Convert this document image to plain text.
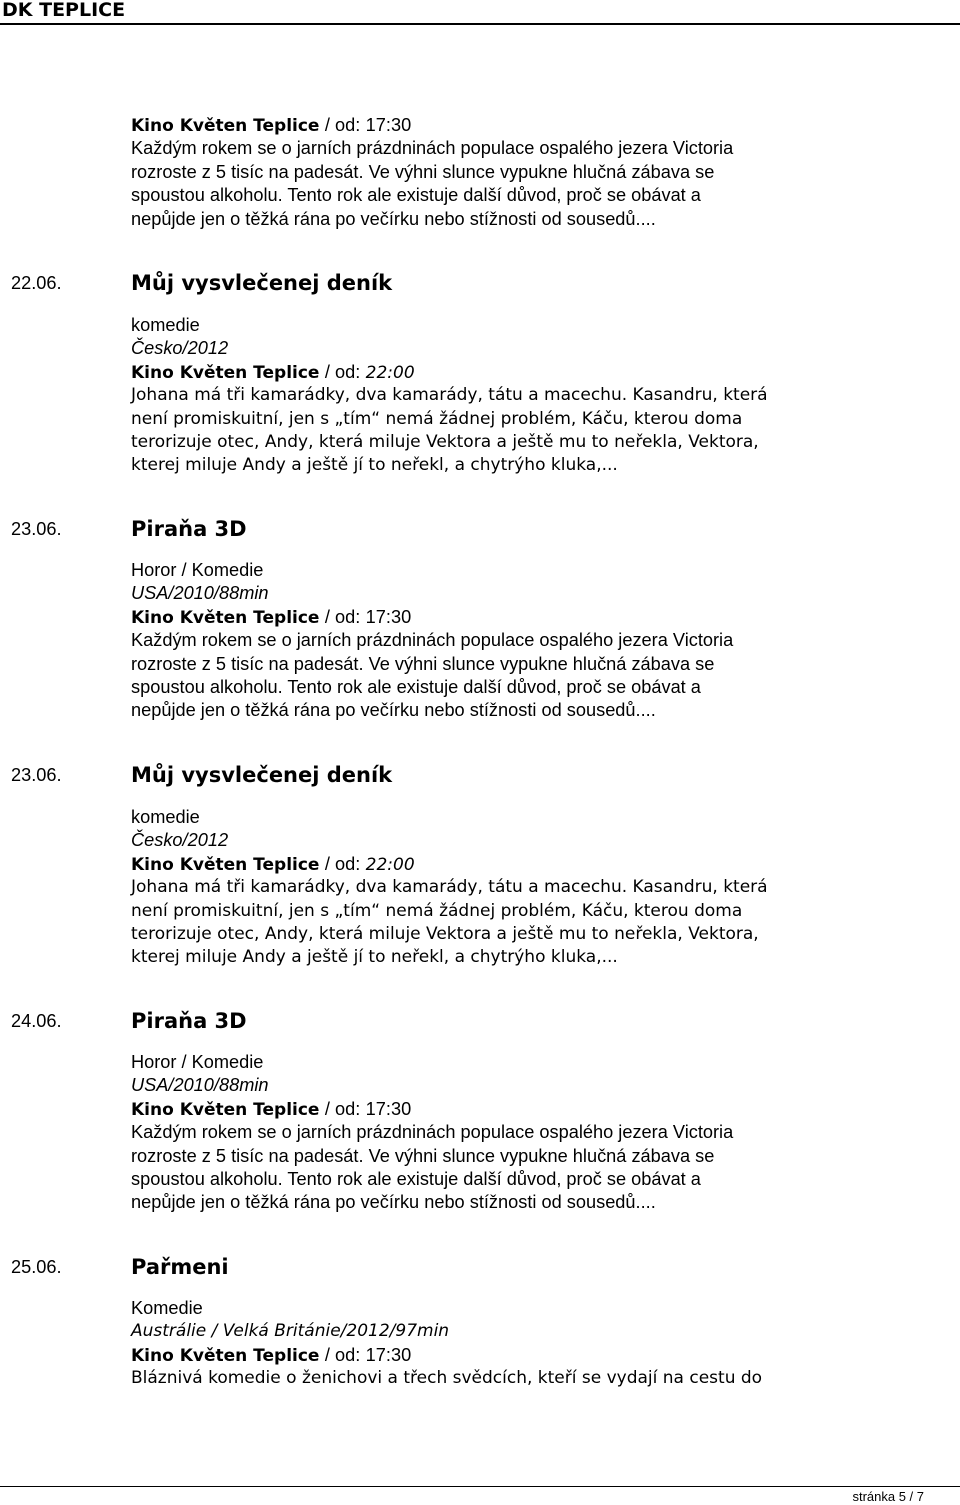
DK TEPLICE
Kino Květen Teplice / od: 17:30
Každým rokem se o jarních prázdninách populace ospalého jezera Victoria
rozroste z 5 tisíc na padesát. Ve výhni slunce vypukne hlučná zábava se
spoustou alkoholu. Tento rok ale existuje další důvod, proč se obávat a
nepůjde jen o těžká rána po večírku nebo stížnosti od sousedů....
22.06.	Můj vysvlečenej deník
komedie
Česko/2012
Kino Květen Teplice / od: 22:00
Johana má tři kamarádky, dva kamarády, tátu a macechu. Kasandru, která
není promiskuitní, jen s „tím“ nemá žádnej problém, Káču, kterou doma
terorizuje otec, Andy, která miluje Vektora a ještě mu to neřekla, Vektora,
kterej miluje Andy a ještě jí to neřekl, a chytrýho kluka,...
23.06.	Piraňa 3D
Horor / Komedie
USA/2010/88min
Kino Květen Teplice / od: 17:30
Každým rokem se o jarních prázdninách populace ospalého jezera Victoria
rozroste z 5 tisíc na padesát. Ve výhni slunce vypukne hlučná zábava se
spoustou alkoholu. Tento rok ale existuje další důvod, proč se obávat a
nepůjde jen o těžká rána po večírku nebo stížnosti od sousedů....
23.06.	Můj vysvlečenej deník
komedie
Česko/2012
Kino Květen Teplice / od: 22:00
Johana má tři kamarádky, dva kamarády, tátu a macechu. Kasandru, která
není promiskuitní, jen s „tím“ nemá žádnej problém, Káču, kterou doma
terorizuje otec, Andy, která miluje Vektora a ještě mu to neřekla, Vektora,
kterej miluje Andy a ještě jí to neřekl, a chytrýho kluka,...
24.06.	Piraňa 3D
Horor / Komedie
USA/2010/88min
Kino Květen Teplice / od: 17:30
Každým rokem se o jarních prázdninách populace ospalého jezera Victoria
rozroste z 5 tisíc na padesát. Ve výhni slunce vypukne hlučná zábava se
spoustou alkoholu. Tento rok ale existuje další důvod, proč se obávat a
nepůjde jen o těžká rána po večírku nebo stížnosti od sousedů....
25.06.	Pařmeni
Komedie
Austrálie / Velká Británie/2012/97min
Kino Květen Teplice / od: 17:30
Bláznivá komedie o ženichovi a třech svědcích, kteří se vydají na cestu do
stránka 5 / 7
